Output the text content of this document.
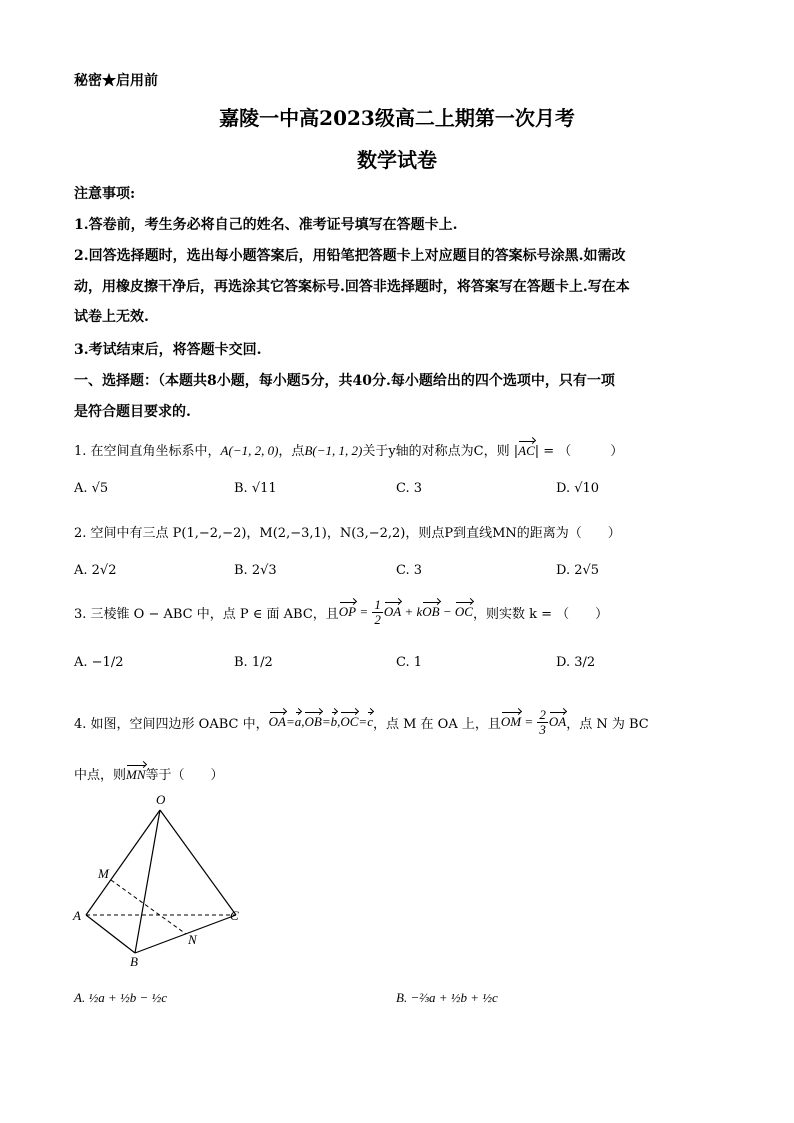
秘密★启用前
嘉陵一中高2023级高二上期第一次月考
数学试卷
注意事项:
1.答卷前，考生务必将自己的姓名、准考证号填写在答题卡上.
2.回答选择题时，选出每小题答案后，用铅笔把答题卡上对应题目的答案标号涂黑.如需改
动，用橡皮擦干净后，再选涂其它答案标号.回答非选择题时，将答案写在答题卡上.写在本
试卷上无效.
3.考试结束后，将答题卡交回.
一、选择题：（本题共8小题，每小题5分，共40分.每小题给出的四个选项中，只有一项
是符合题目要求的.
1. 在空间直角坐标系中，A(−1, 2, 0)，点B(−1, 1, 2)关于y轴的对称点为C，则 |AC| = （　　　）
A. √5	B. √11	C. 3	D. √10
2. 空间中有三点 P(1,−2,−2)，M(2,−3,1)，N(3,−2,2)，则点P到直线MN的距离为（　　）
A. 2√2	B. 2√3	C. 3	D. 2√5
3. 三棱锥 O − ABC 中，点 P ∈ 面 ABC，且 OP = $\frac{1}{2}$ OA + k OB − OC ，则实数 k = （　　）
A. −1/2	B. 1/2	C. 1	D. 3/2
4. 如图，空间四边形 OABC 中， OA=a,OB=b,OC=c ，点 M 在 OA 上，且 OM = $\frac{2}{3}$ OA ，点 N 为 BC
中点，则MN等于（　　）
O
A
B
C
M
N
A. ½a + ½b − ½c	B. −⅔a + ½b + ½c
